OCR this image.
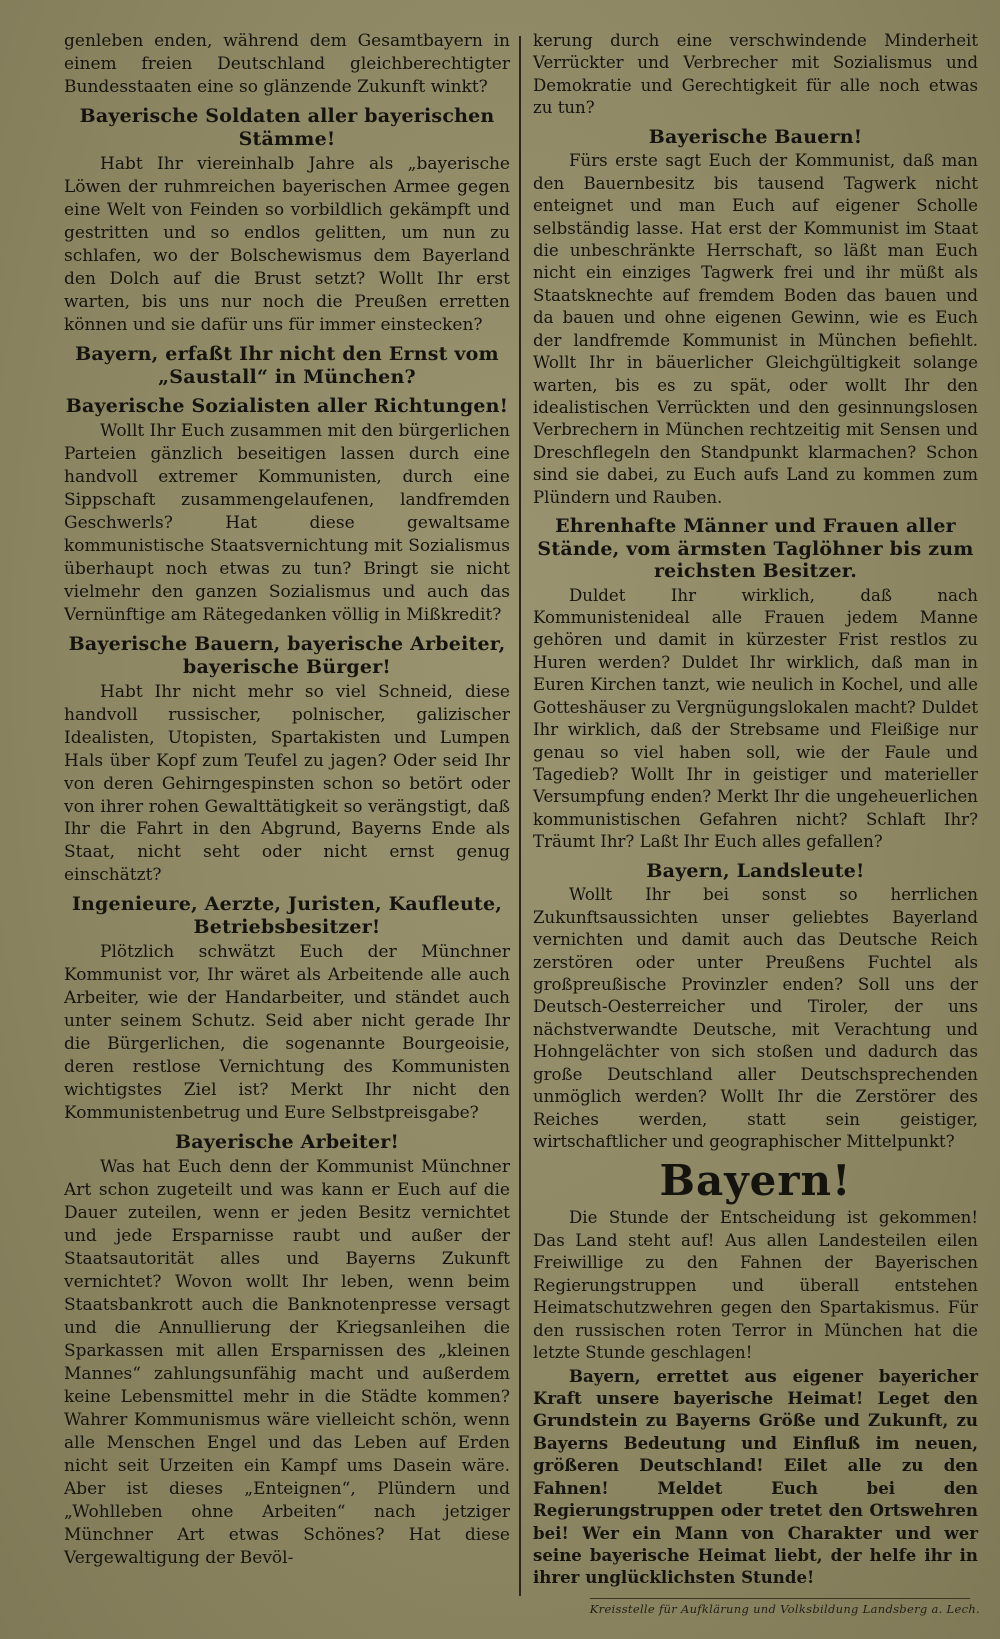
genleben enden, während dem Gesamtbayern in einem freien Deutschland gleichberechtigter Bundesstaaten eine so glänzende Zukunft winkt?

Bayerische Soldaten aller bayerischen Stämme!

Habt Ihr viereinhalb Jahre als „bayerische Löwen der ruhmreichen bayerischen Armee gegen eine Welt von Feinden so vorbildlich gekämpft und gestritten und so endlos gelitten, um nun zu schlafen, wo der Bolschewismus dem Bayerland den Dolch auf die Brust setzt? Wollt Ihr erst warten, bis uns nur noch die Preußen erretten können und sie dafür uns für immer einstecken?

Bayern, erfaßt Ihr nicht den Ernst vom „Saustall“ in München?

Bayerische Sozialisten aller Richtungen!

Wollt Ihr Euch zusammen mit den bürgerlichen Parteien gänzlich beseitigen lassen durch eine handvoll extremer Kommunisten, durch eine Sippschaft zusammengelaufenen, landfremden Geschwerls? Hat diese gewaltsame kommunistische Staatsvernichtung mit Sozialismus überhaupt noch etwas zu tun? Bringt sie nicht vielmehr den ganzen Sozialismus und auch das Vernünftige am Rätegedanken völlig in Mißkredit?

Bayerische Bauern, bayerische Arbeiter, bayerische Bürger!

Habt Ihr nicht mehr so viel Schneid, diese handvoll russischer, polnischer, galizischer Idealisten, Utopisten, Spartakisten und Lumpen Hals über Kopf zum Teufel zu jagen? Oder seid Ihr von deren Gehirngespinsten schon so betört oder von ihrer rohen Gewalttätigkeit so verängstigt, daß Ihr die Fahrt in den Abgrund, Bayerns Ende als Staat, nicht seht oder nicht ernst genug einschätzt?

Ingenieure, Aerzte, Juristen, Kaufleute, Betriebsbesitzer!

Plötzlich schwätzt Euch der Münchner Kommunist vor, Ihr wäret als Arbeitende alle auch Arbeiter, wie der Handarbeiter, und ständet auch unter seinem Schutz. Seid aber nicht gerade Ihr die Bürgerlichen, die sogenannte Bourgeoisie, deren restlose Vernichtung des Kommunisten wichtigstes Ziel ist? Merkt Ihr nicht den Kommunistenbetrug und Eure Selbstpreisgabe?

Bayerische Arbeiter!

Was hat Euch denn der Kommunist Münchner Art schon zugeteilt und was kann er Euch auf die Dauer zuteilen, wenn er jeden Besitz vernichtet und jede Ersparnisse raubt und außer der Staatsautorität alles und Bayerns Zukunft vernichtet? Wovon wollt Ihr leben, wenn beim Staatsbankrott auch die Banknotenpresse versagt und die Annullierung der Kriegsanleihen die Sparkassen mit allen Ersparnissen des „kleinen Mannes“ zahlungsunfähig macht und außerdem keine Lebensmittel mehr in die Städte kommen? Wahrer Kommunismus wäre vielleicht schön, wenn alle Menschen Engel und das Leben auf Erden nicht seit Urzeiten ein Kampf ums Dasein wäre. Aber ist dieses „Enteignen“, Plündern und „Wohlleben ohne Arbeiten“ nach jetziger Münchner Art etwas Schönes? Hat diese Vergewaltigung der Bevöl-

kerung durch eine verschwindende Minderheit Verrückter und Verbrecher mit Sozialismus und Demokratie und Gerechtigkeit für alle noch etwas zu tun?

Bayerische Bauern!

Fürs erste sagt Euch der Kommunist, daß man den Bauernbesitz bis tausend Tagwerk nicht enteignet und man Euch auf eigener Scholle selbständig lasse. Hat erst der Kommunist im Staat die unbeschränkte Herrschaft, so läßt man Euch nicht ein einziges Tagwerk frei und ihr müßt als Staatsknechte auf fremdem Boden das bauen und da bauen und ohne eigenen Gewinn, wie es Euch der landfremde Kommunist in München befiehlt. Wollt Ihr in bäuerlicher Gleichgültigkeit solange warten, bis es zu spät, oder wollt Ihr den idealistischen Verrückten und den gesinnungslosen Verbrechern in München rechtzeitig mit Sensen und Dreschflegeln den Standpunkt klarmachen? Schon sind sie dabei, zu Euch aufs Land zu kommen zum Plündern und Rauben.

Ehrenhafte Männer und Frauen aller Stände, vom ärmsten Taglöhner bis zum reichsten Besitzer.

Duldet Ihr wirklich, daß nach Kommunistenideal alle Frauen jedem Manne gehören und damit in kürzester Frist restlos zu Huren werden? Duldet Ihr wirklich, daß man in Euren Kirchen tanzt, wie neulich in Kochel, und alle Gotteshäuser zu Vergnügungslokalen macht? Duldet Ihr wirklich, daß der Strebsame und Fleißige nur genau so viel haben soll, wie der Faule und Tagedieb? Wollt Ihr in geistiger und materieller Versumpfung enden? Merkt Ihr die ungeheuerlichen kommunistischen Gefahren nicht? Schlaft Ihr? Träumt Ihr? Laßt Ihr Euch alles gefallen?

Bayern, Landsleute!

Wollt Ihr bei sonst so herrlichen Zukunftsaussichten unser geliebtes Bayerland vernichten und damit auch das Deutsche Reich zerstören oder unter Preußens Fuchtel als großpreußische Provinzler enden? Soll uns der Deutsch-Oesterreicher und Tiroler, der uns nächstverwandte Deutsche, mit Verachtung und Hohngelächter von sich stoßen und dadurch das große Deutschland aller Deutschsprechenden unmöglich werden? Wollt Ihr die Zerstörer des Reiches werden, statt sein geistiger, wirtschaftlicher und geographischer Mittelpunkt?

Bayern!

Die Stunde der Entscheidung ist gekommen! Das Land steht auf! Aus allen Landesteilen eilen Freiwillige zu den Fahnen der Bayerischen Regierungstruppen und überall entstehen Heimatschutzwehren gegen den Spartakismus. Für den russischen roten Terror in München hat die letzte Stunde geschlagen!

Bayern, errettet aus eigener bayericher Kraft unsere bayerische Heimat! Leget den Grundstein zu Bayerns Größe und Zukunft, zu Bayerns Bedeutung und Einfluß im neuen, größeren Deutschland! Eilet alle zu den Fahnen! Meldet Euch bei den Regierungstruppen oder tretet den Ortswehren bei! Wer ein Mann von Charakter und wer seine bayerische Heimat liebt, der helfe ihr in ihrer unglücklichsten Stunde!

Kreisstelle für Aufklärung und Volksbildung Landsberg a. Lech.
